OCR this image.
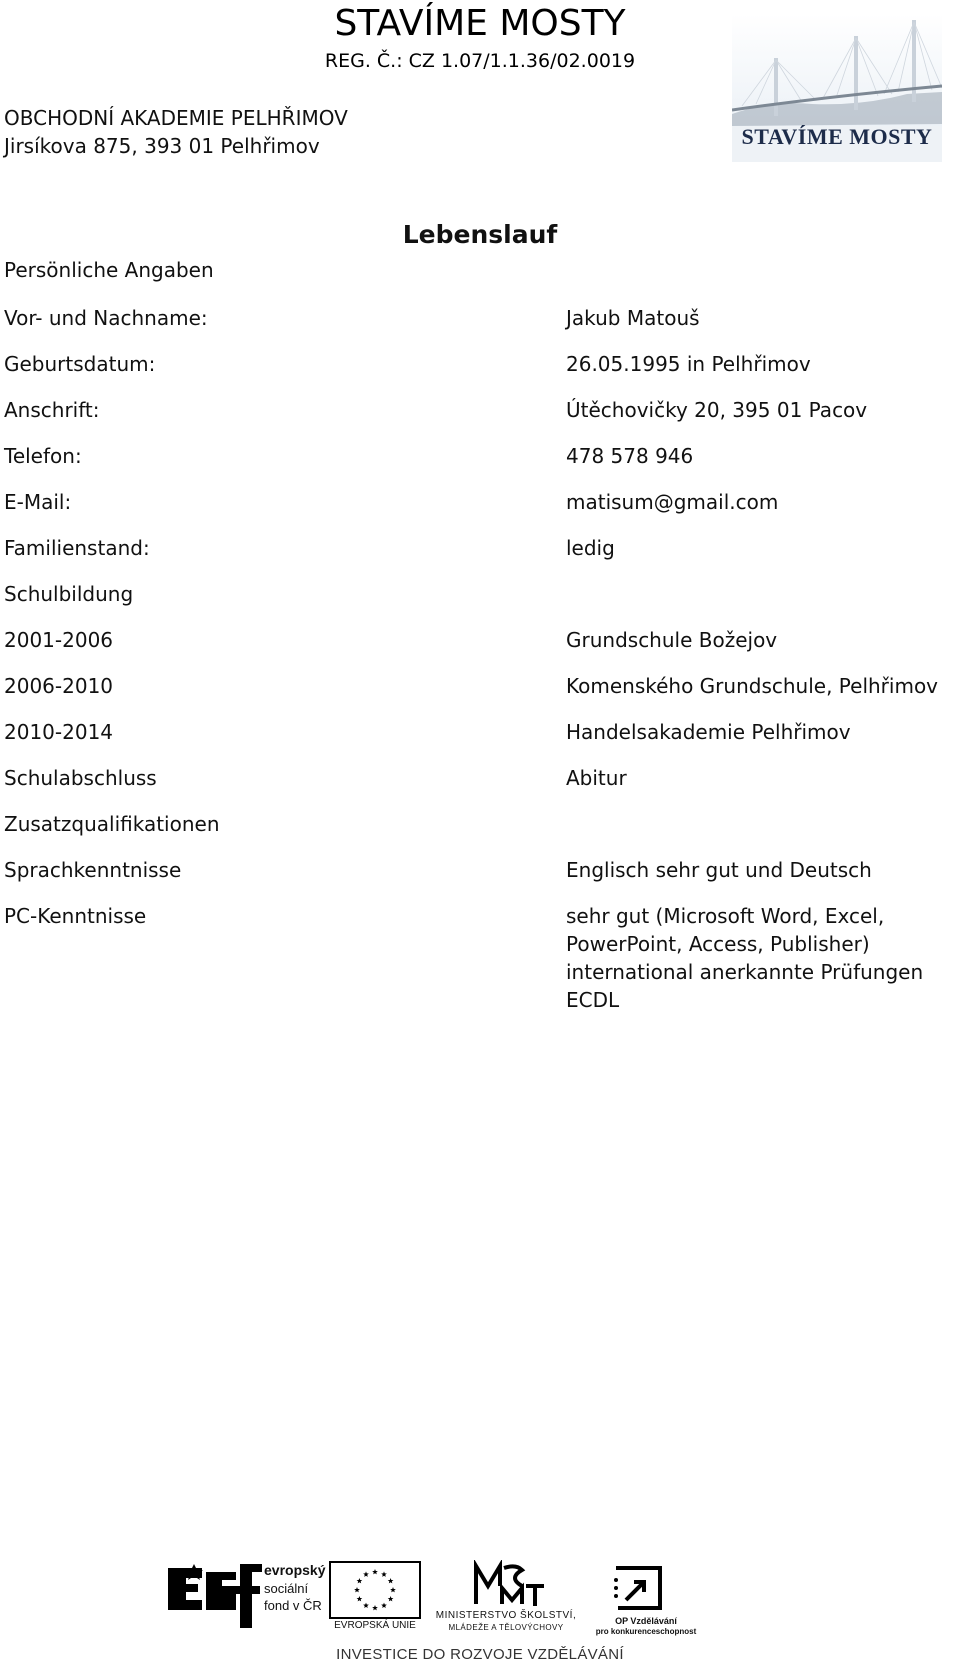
STAVÍME MOSTY
REG. Č.: CZ 1.07/1.1.36/02.0019
OBCHODNÍ AKADEMIE PELHŘIMOV
Jirsíkova 875, 393 01 Pelhřimov	STAVÍME MOSTY
Lebenslauf
Persönliche Angaben
Vor- und Nachname:	Jakub Matouš
Geburtsdatum:	26.05.1995 in Pelhřimov
Anschrift:	Útěchovičky 20, 395 01 Pacov
Telefon:	478 578 946
E-Mail:	matisum@gmail.com
Familienstand:	ledig
Schulbildung
2001-2006	Grundschule Božejov
2006-2010	Komenského Grundschule, Pelhřimov
2010-2014	Handelsakademie Pelhřimov
Schulabschluss	Abitur
Zusatzqualifikationen
Sprachkenntnisse	Englisch sehr gut und Deutsch
PC-Kenntnisse	sehr gut (Microsoft Word, Excel,
PowerPoint, Access, Publisher)
international anerkannte Prüfungen
ECDL
evropský
sociální
fond v ČR
EVROPSKÁ UNIE
MINISTERSTVO ŠKOLSTVÍ,
MLÁDEŽE A TĚLOVÝCHOVY
OP Vzdělávání
pro konkurenceschopnost
INVESTICE DO ROZVOJE VZDĚLÁVÁNÍ
